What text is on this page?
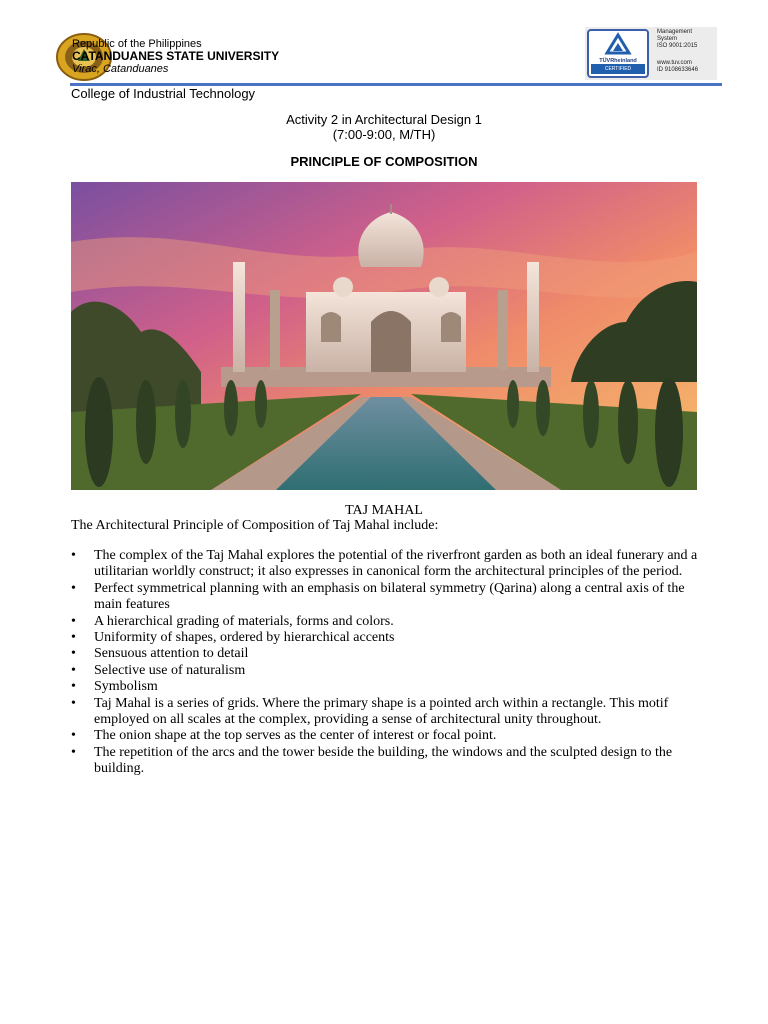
Republic of the Philippines
CATANDUANES STATE UNIVERSITY
Virac, Catanduanes
TÜVRheinland
CERTIFIED
Management
System
ISO 9001:2015
www.tuv.com
ID 9108633646
College of Industrial Technology
Activity 2 in Architectural Design 1
(7:00-9:00, M/TH)
PRINCIPLE OF COMPOSITION
TAJ MAHAL
The Architectural Principle of Composition of Taj Mahal include:
• The complex of the Taj Mahal explores the potential of the riverfront garden as both an ideal funerary and a utilitarian worldly construct; it also expresses in canonical form the architectural principles of the period.
• Perfect symmetrical planning with an emphasis on bilateral symmetry (Qarina) along a central axis of the main features
• A hierarchical grading of materials, forms and colors.
• Uniformity of shapes, ordered by hierarchical accents
• Sensuous attention to detail
• Selective use of naturalism
• Symbolism
• Taj Mahal is a series of grids. Where the primary shape is a pointed arch within a rectangle. This motif employed on all scales at the complex, providing a sense of architectural unity throughout.
• The onion shape at the top serves as the center of interest or focal point.
• The repetition of the arcs and the tower beside the building, the windows and the sculpted design to the building.
